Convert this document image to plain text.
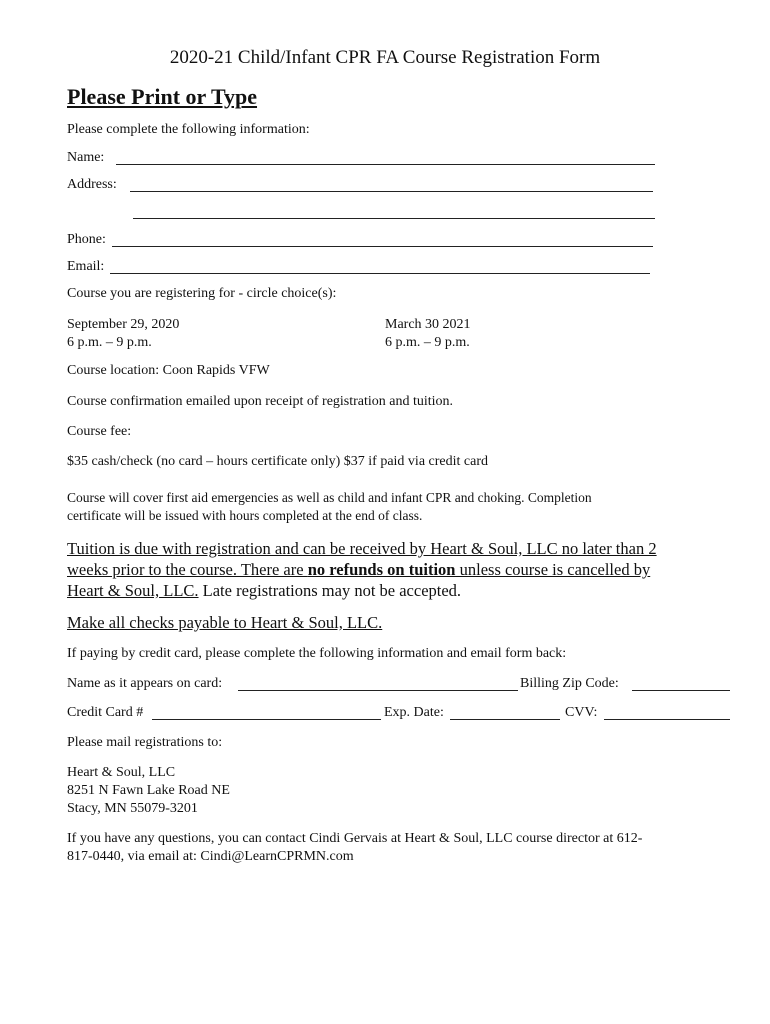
2020-21 Child/Infant CPR FA Course Registration Form
Please Print or Type
Please complete the following information:
Name:
Address:
Phone:
Email:
Course you are registering for - circle choice(s):
September 29, 2020
6 p.m. – 9 p.m.
March 30 2021
6 p.m. – 9 p.m.
Course location: Coon Rapids VFW
Course confirmation emailed upon receipt of registration and tuition.
Course fee:
$35 cash/check (no card – hours certificate only) $37 if paid via credit card
Course will cover first aid emergencies as well as child and infant CPR and choking. Completion
certificate will be issued with hours completed at the end of class.
Tuition is due with registration and can be received by Heart & Soul, LLC no later than 2
weeks prior to the course. There are no refunds on tuition unless course is cancelled by
Heart & Soul, LLC. Late registrations may not be accepted.
Make all checks payable to Heart & Soul, LLC.
If paying by credit card, please complete the following information and email form back:
Name as it appears on card:	Billing Zip Code:
Credit Card #	Exp. Date:	CVV:
Please mail registrations to:
Heart & Soul, LLC
8251 N Fawn Lake Road NE
Stacy, MN 55079-3201
If you have any questions, you can contact Cindi Gervais at Heart & Soul, LLC course director at 612-
817-0440, via email at: Cindi@LearnCPRMN.com
